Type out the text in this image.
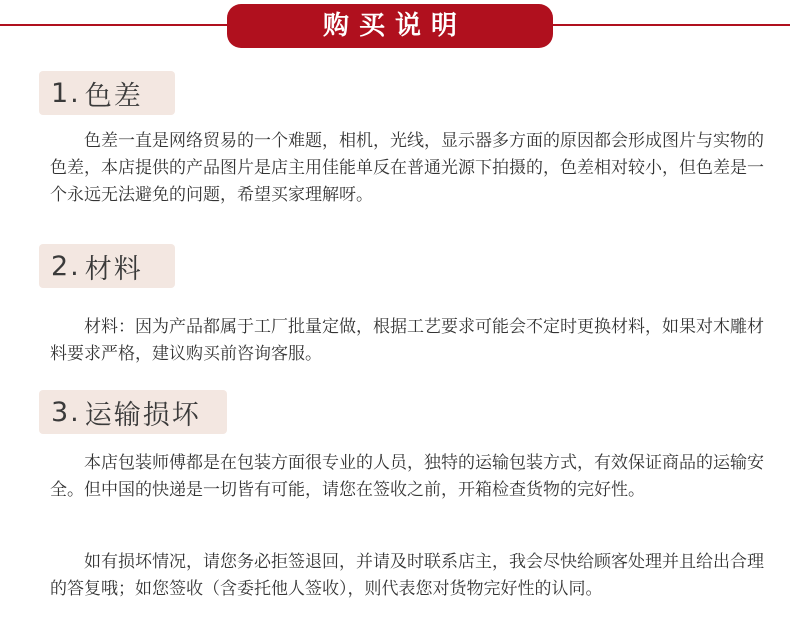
购买说明
1. 色差

色差一直是网络贸易的一个难题，相机，光线，显示器多方面的原因都会形成图片与实物的色差，本店提供的产品图片是店主用佳能单反在普通光源下拍摄的，色差相对较小，但色差是一个永远无法避免的问题，希望买家理解呀。

2. 材料

材料：因为产品都属于工厂批量定做，根据工艺要求可能会不定时更换材料，如果对木雕材料要求严格，建议购买前咨询客服。

3. 运输损坏

本店包装师傅都是在包装方面很专业的人员，独特的运输包装方式，有效保证商品的运输安全。但中国的快递是一切皆有可能，请您在签收之前，开箱检查货物的完好性。

如有损坏情况，请您务必拒签退回，并请及时联系店主，我会尽快给顾客处理并且给出合理的答复哦；如您签收（含委托他人签收），则代表您对货物完好性的认同。
